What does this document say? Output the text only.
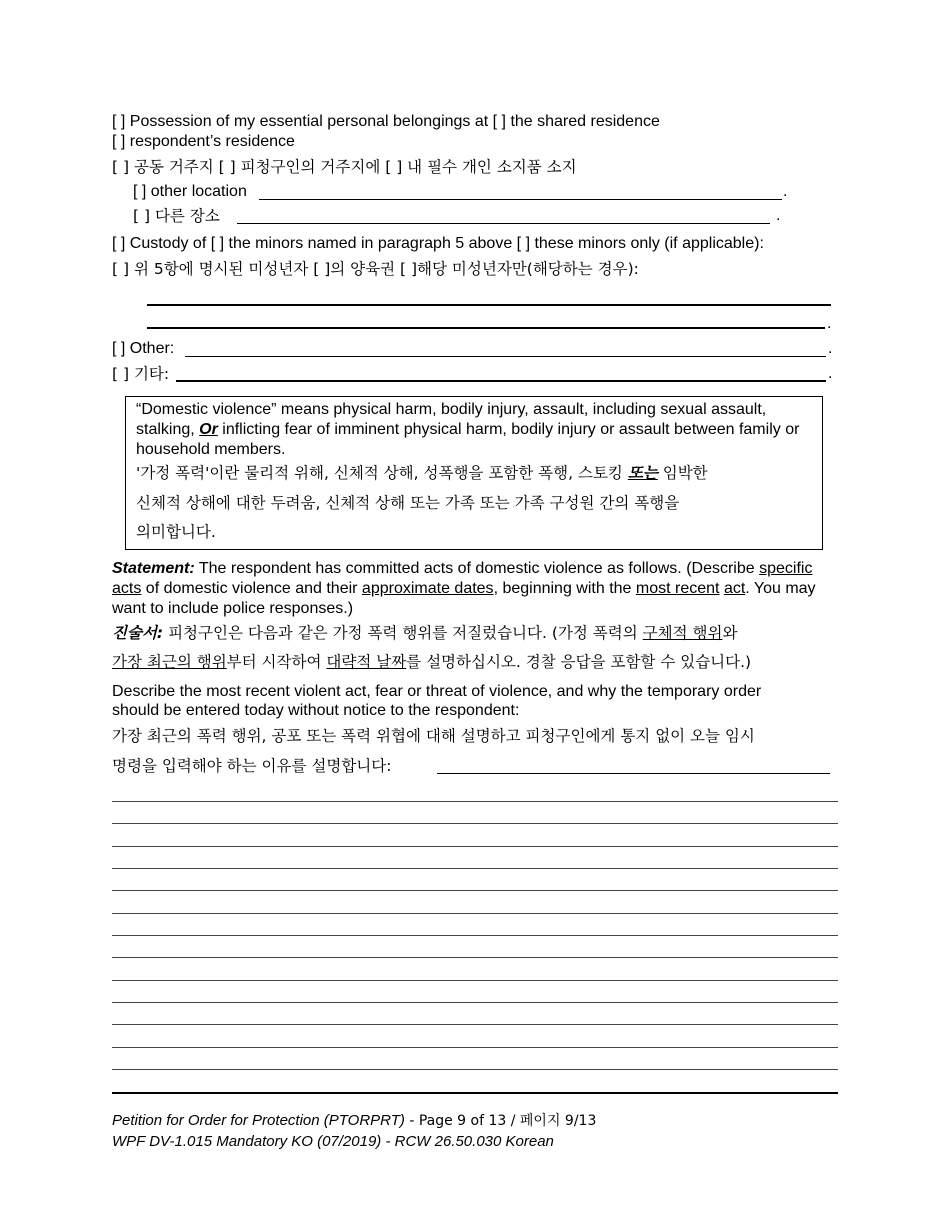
[ ] Possession of my essential personal belongings at [ ] the shared residence
[ ] respondent’s residence
[ ] 공동 거주지 [ ] 피청구인의 거주지에 [ ] 내 필수 개인 소지품 소지
[ ] other location	.
[ ] 다른 장소	.
[ ] Custody of [ ] the minors named in paragraph 5 above [ ] these minors only (if applicable):
[ ] 위 5항에 명시된 미성년자 [ ]의 양육권 [ ]해당 미성년자만(해당하는 경우):
.
[ ] Other:	.
[ ] 기타:	.
“Domestic violence” means physical harm, bodily injury, assault, including sexual assault, stalking, Or inflicting fear of imminent physical harm, bodily injury or assault between family or household members.
'가정 폭력'이란 물리적 위해, 신체적 상해, 성폭행을 포함한 폭행, 스토킹 또는 임박한
신체적 상해에 대한 두려움, 신체적 상해 또는 가족 또는 가족 구성원 간의 폭행을
의미합니다.
Statement: The respondent has committed acts of domestic violence as follows. (Describe specific acts of domestic violence and their approximate dates, beginning with the most recent act. You may want to include police responses.)
진술서: 피청구인은 다음과 같은 가정 폭력 행위를 저질렀습니다. (가정 폭력의 구체적 행위와
가장 최근의 행위부터 시작하여 대략적 날짜를 설명하십시오. 경찰 응답을 포함할 수 있습니다.)
Describe the most recent violent act, fear or threat of violence, and why the temporary order
should be entered today without notice to the respondent:
가장 최근의 폭력 행위, 공포 또는 폭력 위협에 대해 설명하고 피청구인에게 통지 없이 오늘 임시
명령을 입력해야 하는 이유를 설명합니다:
Petition for Order for Protection (PTORPRT) - Page 9 of 13 / 페이지 9/13
WPF DV-1.015 Mandatory KO (07/2019) - RCW 26.50.030 Korean
